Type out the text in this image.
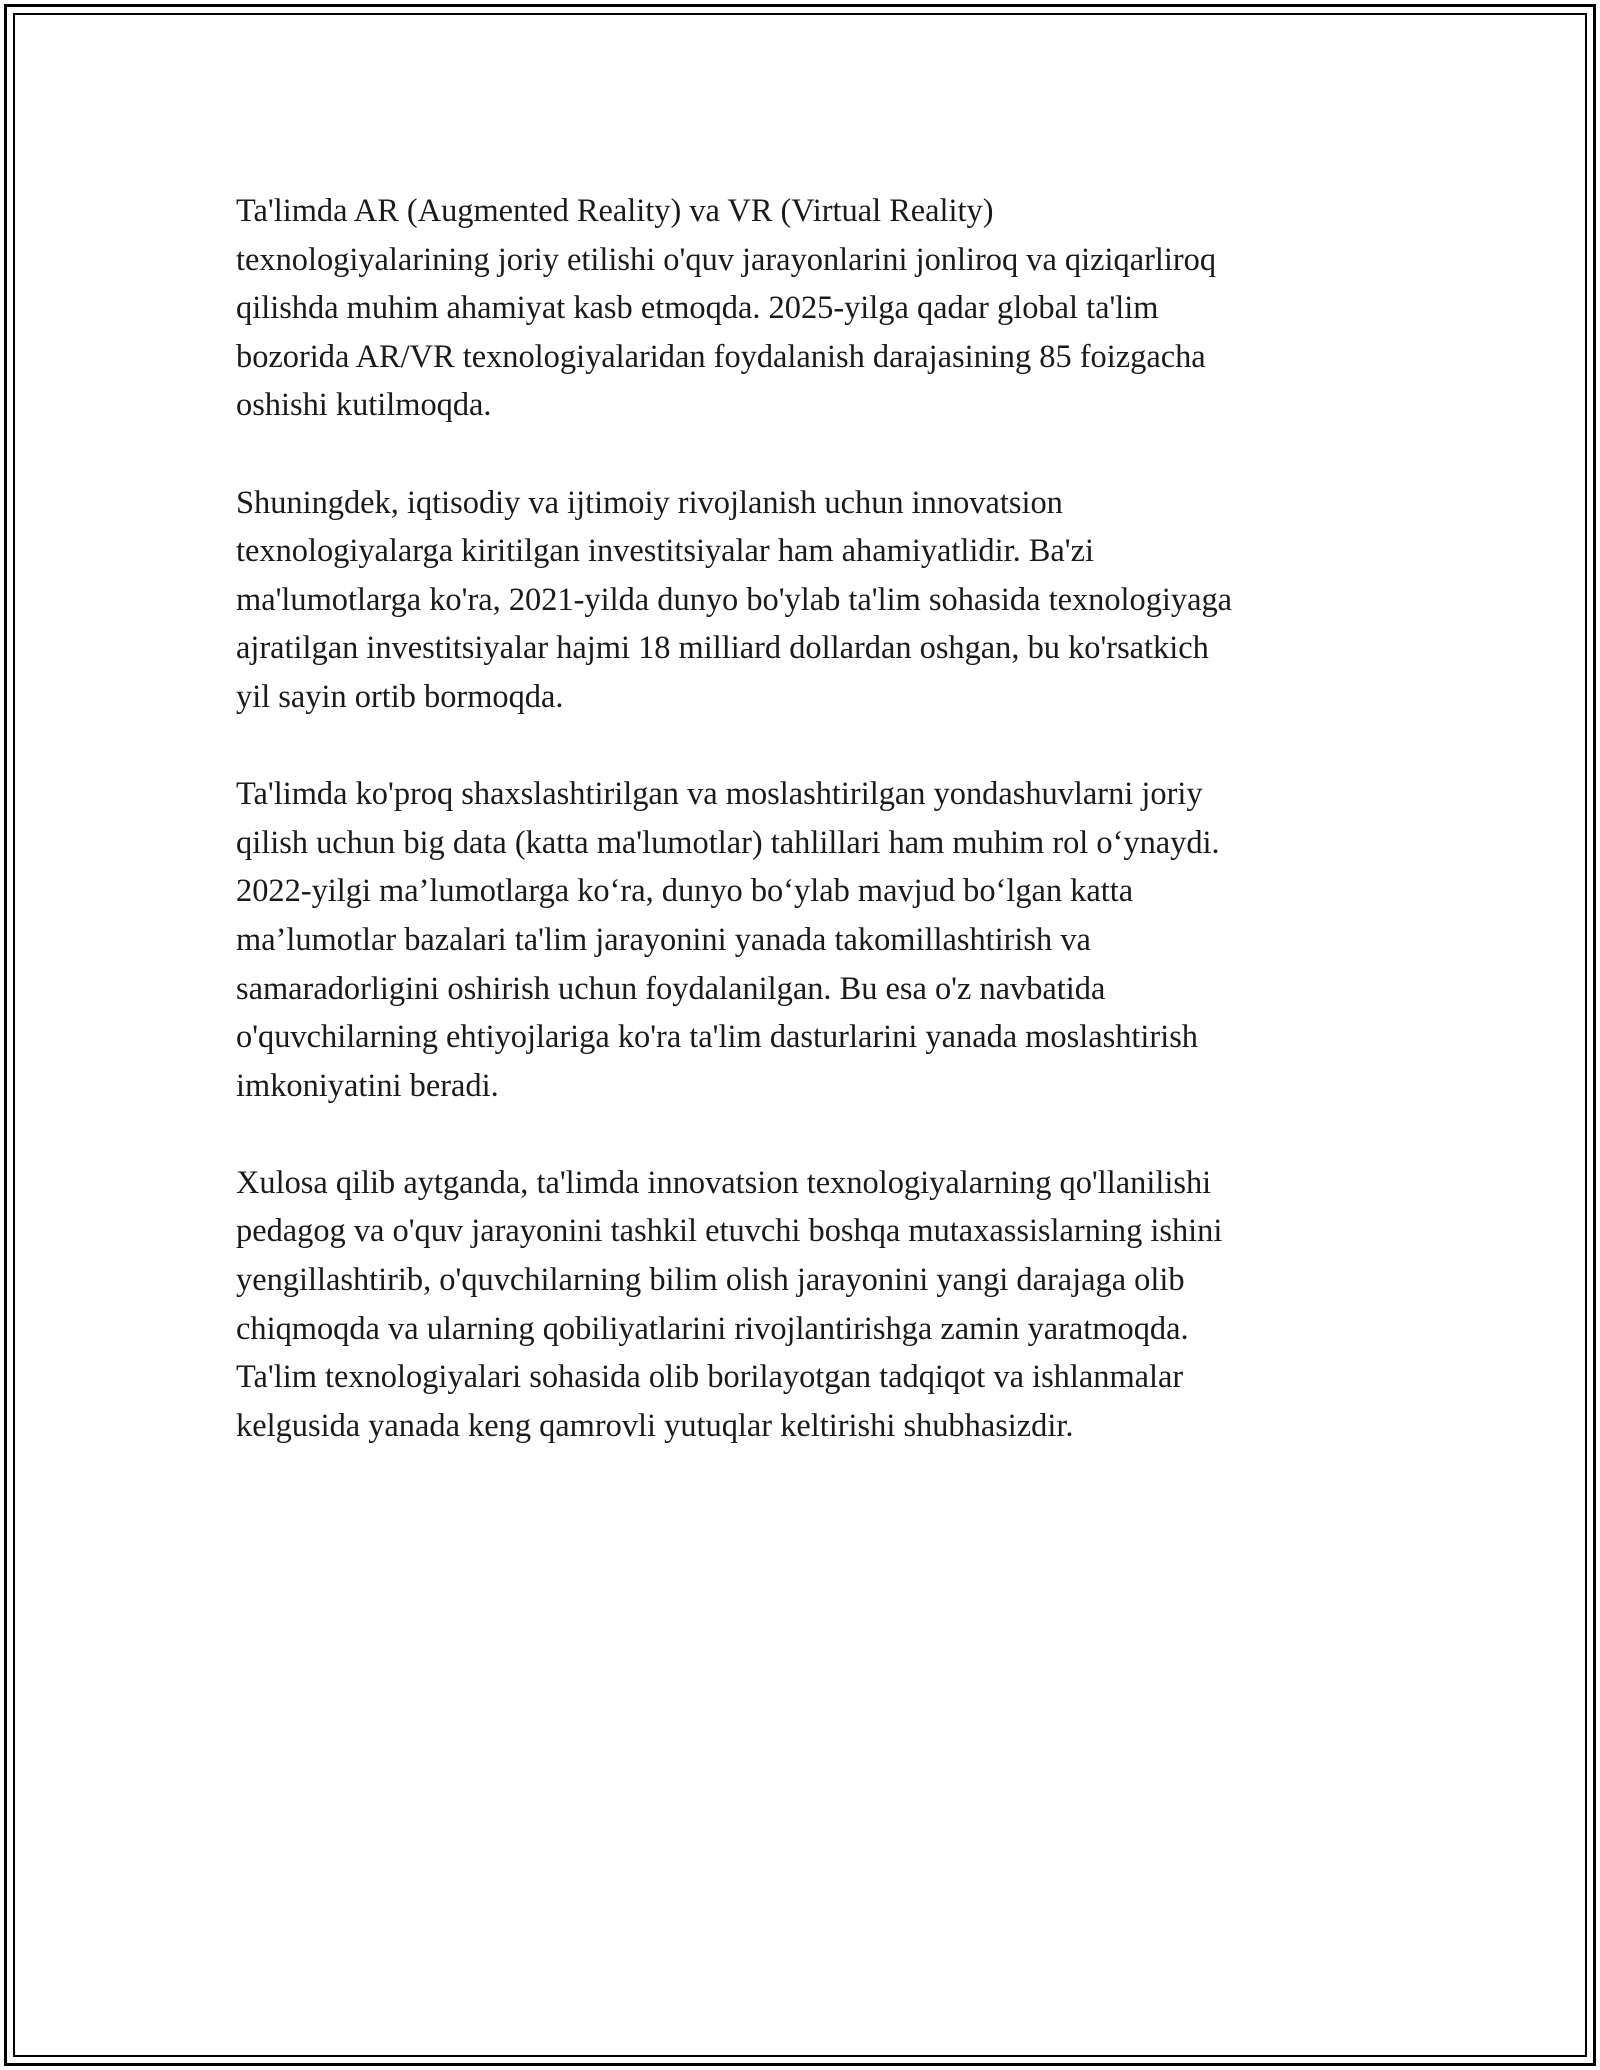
Ta'limda AR (Augmented Reality) va VR (Virtual Reality)
texnologiyalarining joriy etilishi o'quv jarayonlarini jonliroq va qiziqarliroq
qilishda muhim ahamiyat kasb etmoqda. 2025-yilga qadar global ta'lim
bozorida AR/VR texnologiyalaridan foydalanish darajasining 85 foizgacha
oshishi kutilmoqda.

Shuningdek, iqtisodiy va ijtimoiy rivojlanish uchun innovatsion
texnologiyalarga kiritilgan investitsiyalar ham ahamiyatlidir. Ba'zi
ma'lumotlarga ko'ra, 2021-yilda dunyo bo'ylab ta'lim sohasida texnologiyaga
ajratilgan investitsiyalar hajmi 18 milliard dollardan oshgan, bu ko'rsatkich
yil sayin ortib bormoqda.

Ta'limda ko'proq shaxslashtirilgan va moslashtirilgan yondashuvlarni joriy
qilish uchun big data (katta ma'lumotlar) tahlillari ham muhim rol o‘ynaydi.
2022-yilgi ma’lumotlarga ko‘ra, dunyo bo‘ylab mavjud bo‘lgan katta
ma’lumotlar bazalari ta'lim jarayonini yanada takomillashtirish va
samaradorligini oshirish uchun foydalanilgan. Bu esa o'z navbatida
o'quvchilarning ehtiyojlariga ko'ra ta'lim dasturlarini yanada moslashtirish
imkoniyatini beradi.

Xulosa qilib aytganda, ta'limda innovatsion texnologiyalarning qo'llanilishi
pedagog va o'quv jarayonini tashkil etuvchi boshqa mutaxassislarning ishini
yengillashtirib, o'quvchilarning bilim olish jarayonini yangi darajaga olib
chiqmoqda va ularning qobiliyatlarini rivojlantirishga zamin yaratmoqda.
Ta'lim texnologiyalari sohasida olib borilayotgan tadqiqot va ishlanmalar
kelgusida yanada keng qamrovli yutuqlar keltirishi shubhasizdir.
